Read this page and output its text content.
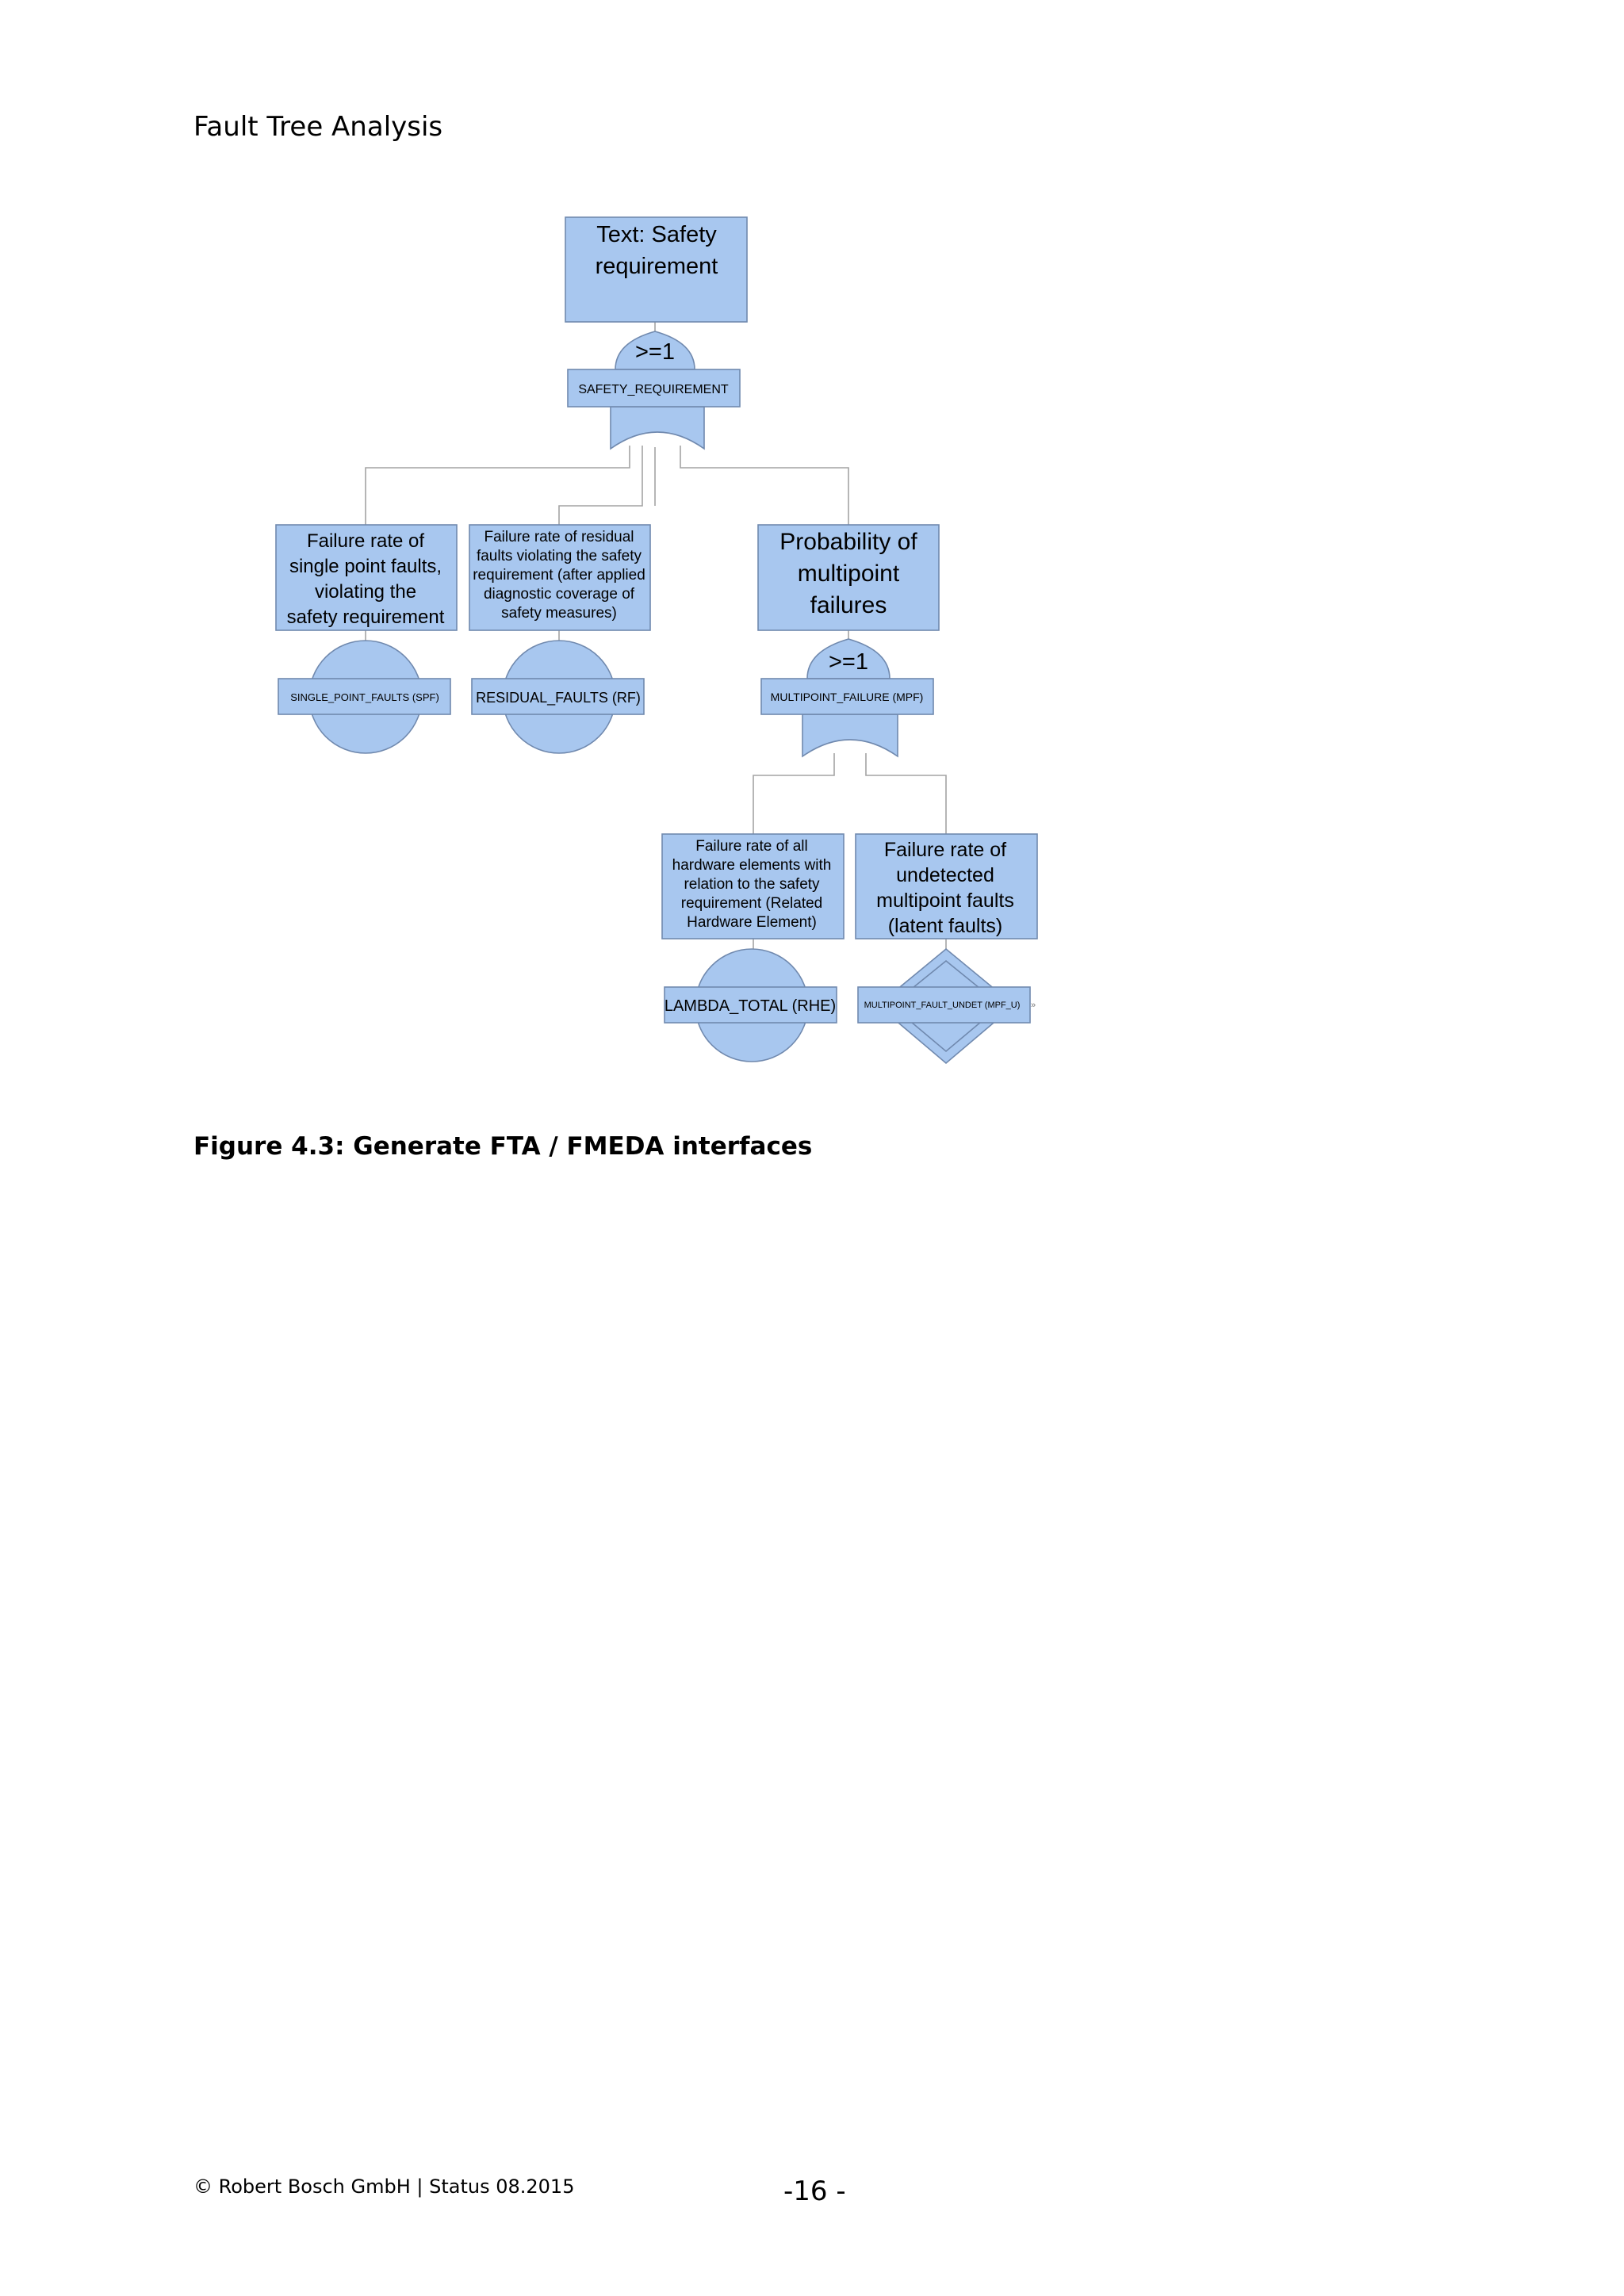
Fault Tree Analysis
Text: Safety
requirement
>=1
SAFETY_REQUIREMENT
Failure rate of
single point faults,
violating the
safety requirement
SINGLE_POINT_FAULTS (SPF)
Failure rate of residual
faults violating the safety
requirement (after applied
diagnostic coverage of
safety measures)
RESIDUAL_FAULTS (RF)
Probability of
multipoint
failures
>=1
MULTIPOINT_FAILURE (MPF)
Failure rate of all
hardware elements with
relation to the safety
requirement (Related
Hardware Element)
LAMBDA_TOTAL (RHE)
Failure rate of
undetected
multipoint faults
(latent faults)
MULTIPOINT_FAULT_UNDET (MPF_U) »
Figure 4.3: Generate FTA / FMEDA interfaces
© Robert Bosch GmbH | Status 08.2015	-16 -
